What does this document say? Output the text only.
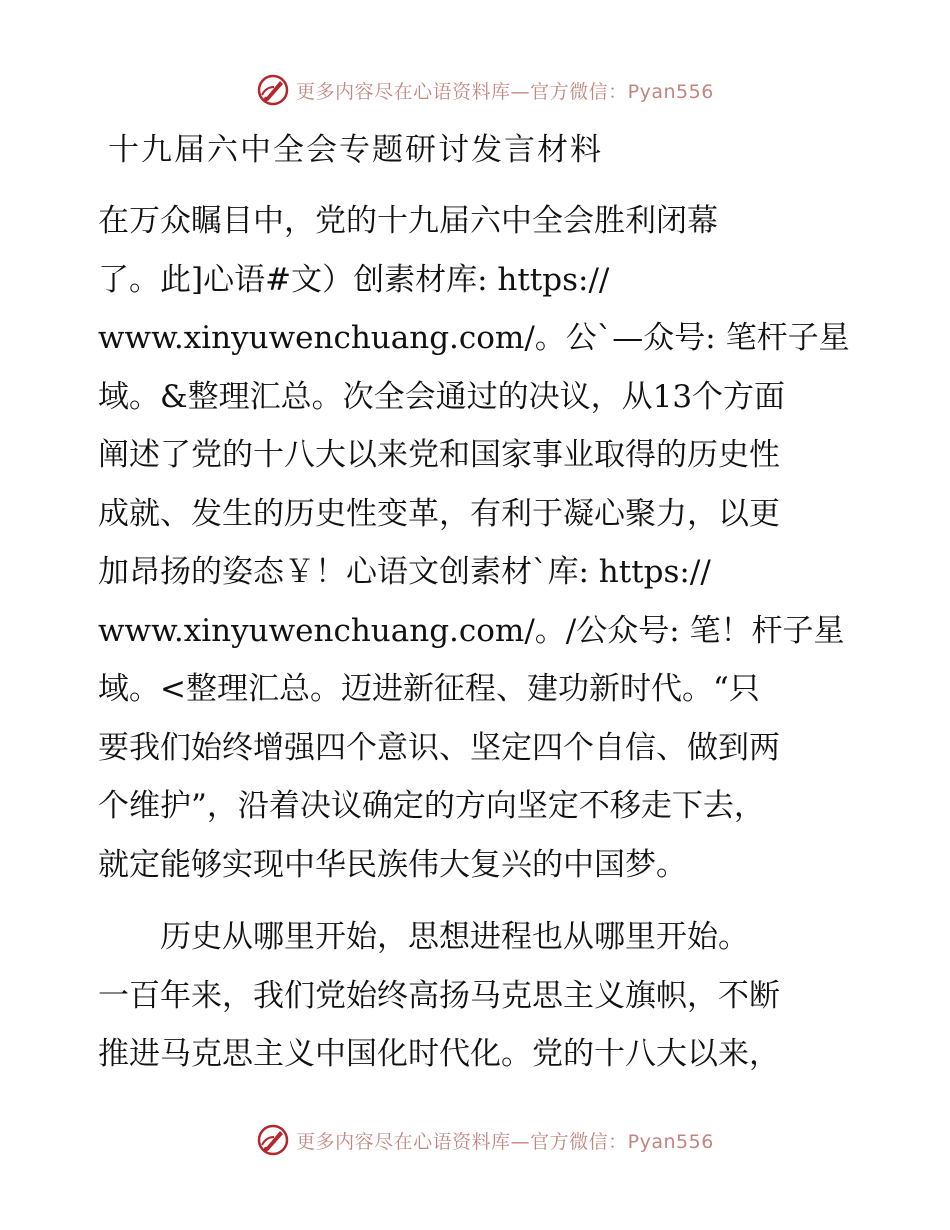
更多内容尽在心语资料库—官方微信：Pyan556
十九届六中全会专题研讨发言材料
在万众瞩目中，党的十九届六中全会胜利闭幕
了。此]心语#文）创素材库: https://
www.xinyuwenchuang.com/。公`—众号: 笔杆子星
域。&整理汇总。次全会通过的决议，从13个方面
阐述了党的十八大以来党和国家事业取得的历史性
成就、发生的历史性变革，有利于凝心聚力，以更
加昂扬的姿态￥！心语文创素材`库: https://
www.xinyuwenchuang.com/。/公众号: 笔！杆子星
域。<整理汇总。迈进新征程、建功新时代。“只
要我们始终增强四个意识、坚定四个自信、做到两
个维护”，沿着决议确定的方向坚定不移走下去，
就定能够实现中华民族伟大复兴的中国梦。
　　历史从哪里开始，思想进程也从哪里开始。
一百年来，我们党始终高扬马克思主义旗帜，不断
推进马克思主义中国化时代化。党的十八大以来，
更多内容尽在心语资料库—官方微信：Pyan556
